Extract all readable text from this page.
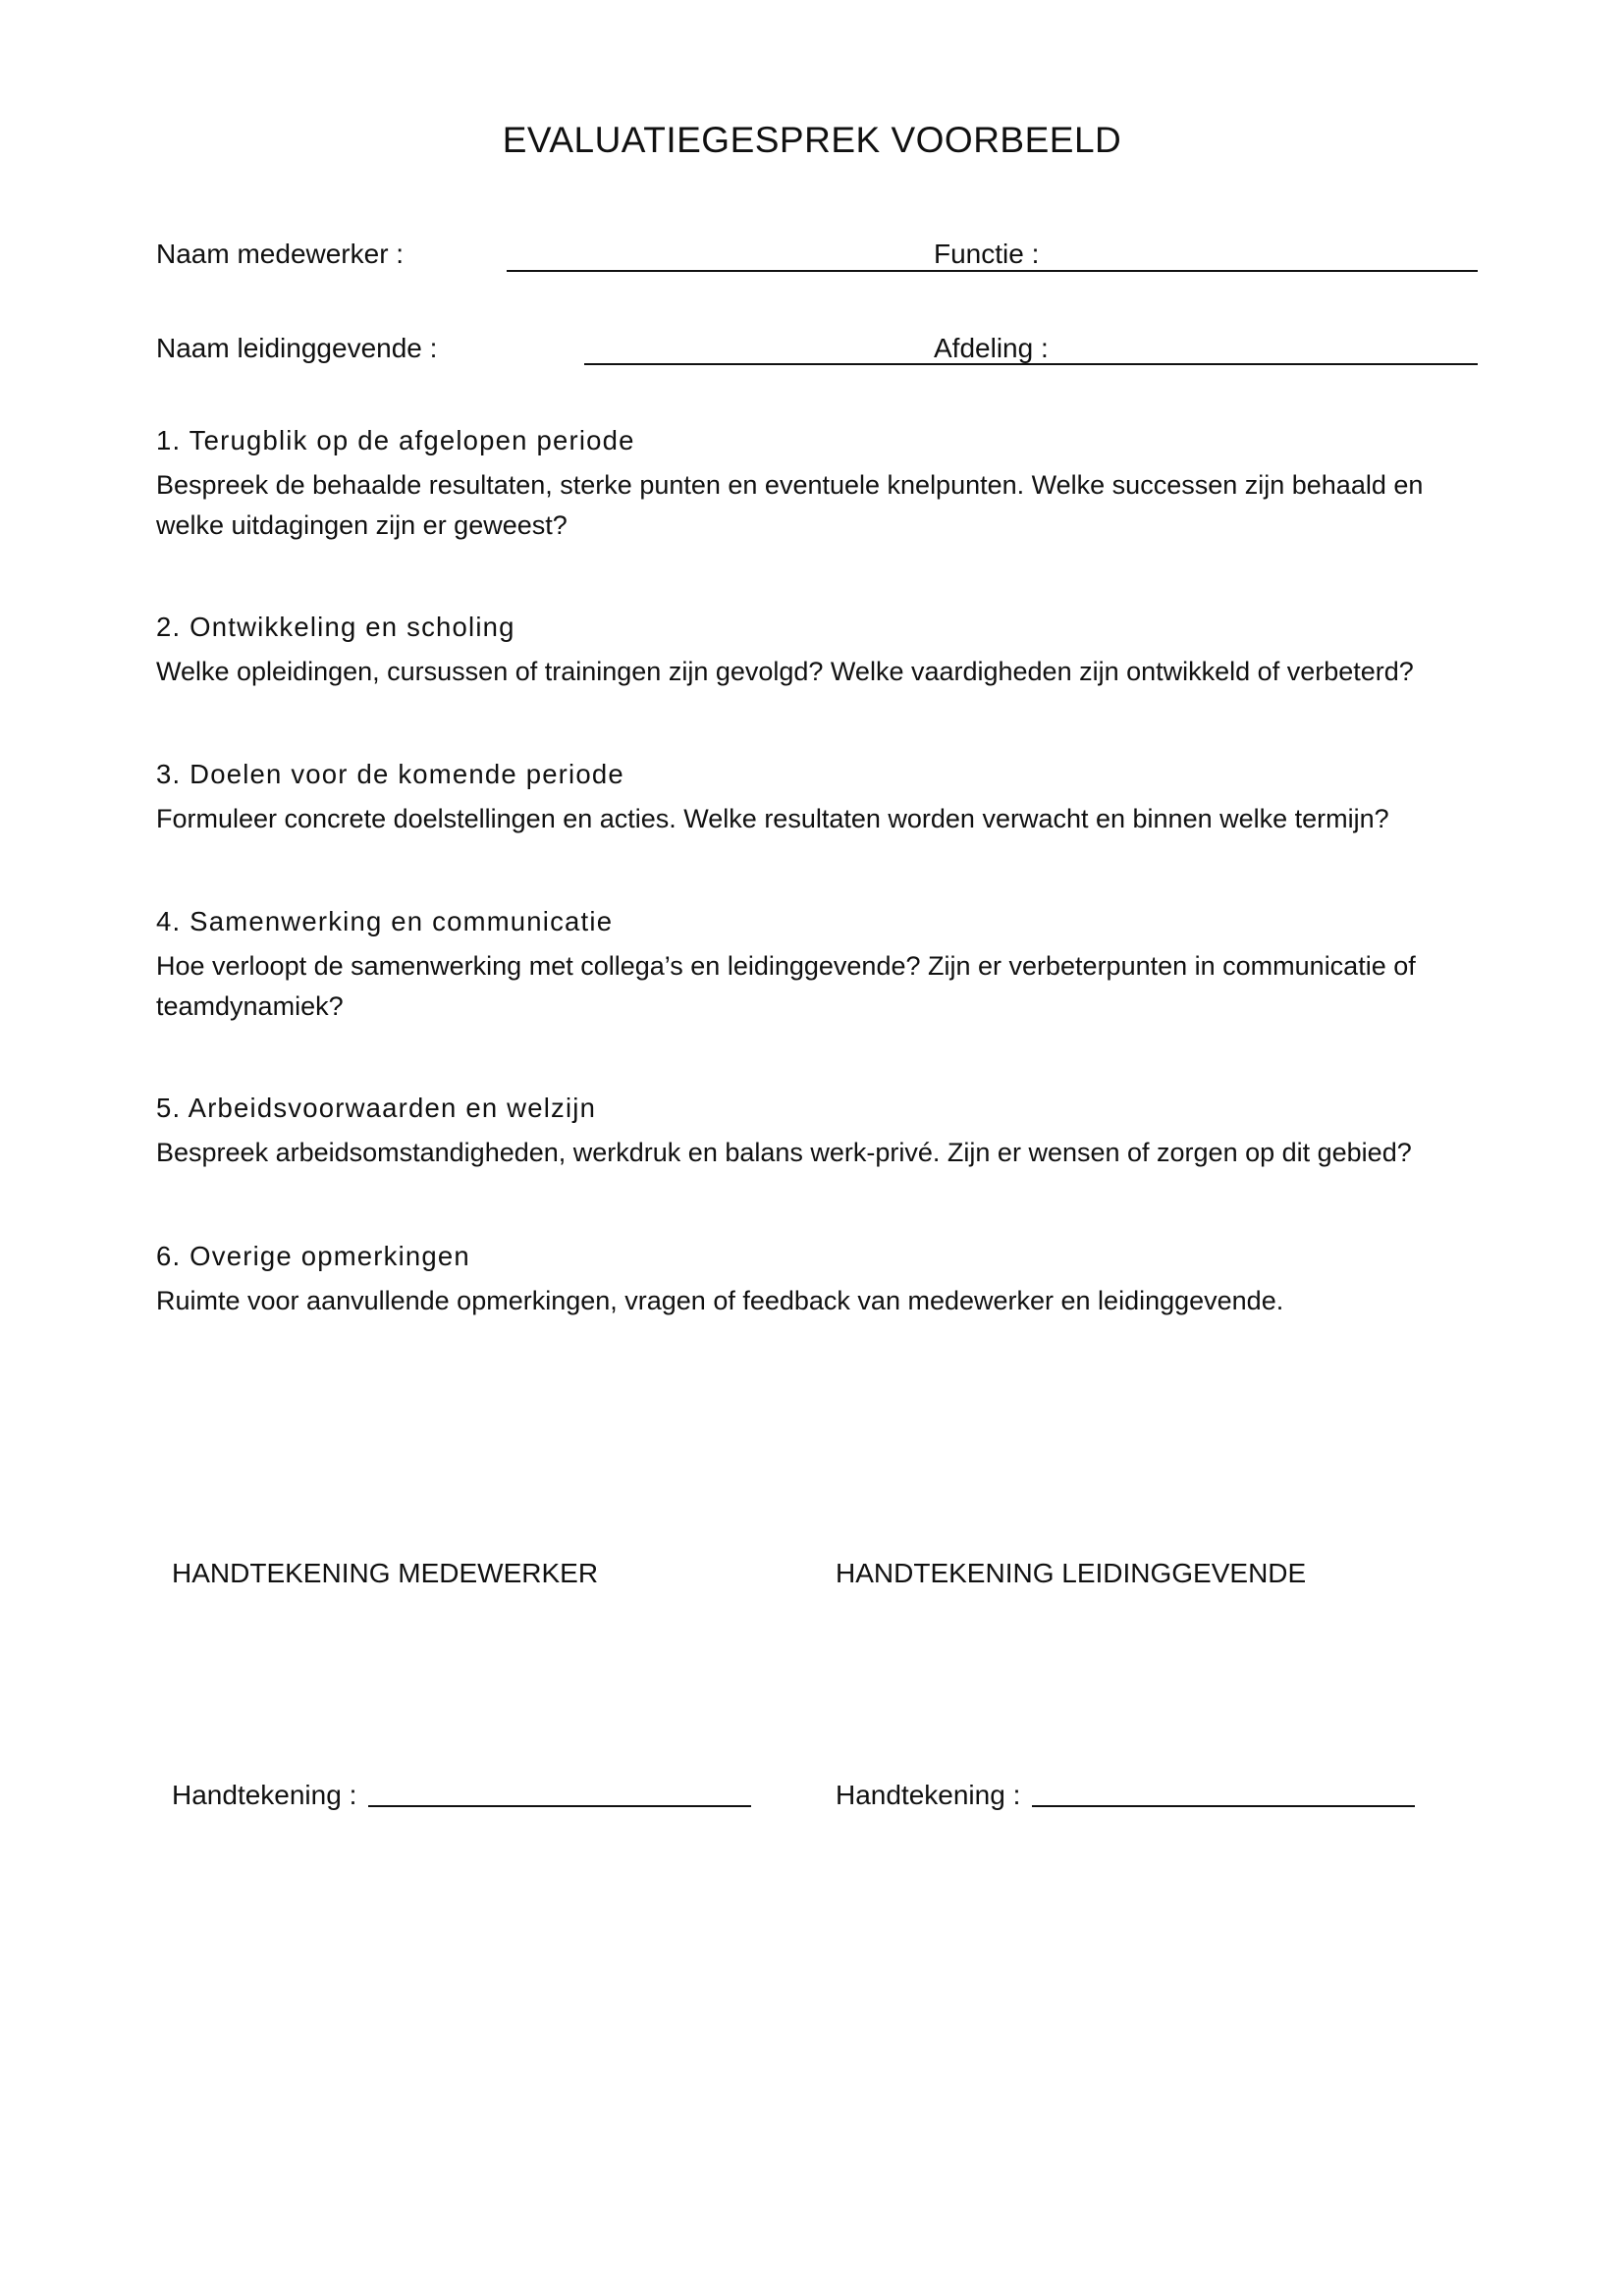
EVALUATIEGESPREK VOORBEELD
Naam medewerker :	Functie :
Naam leidinggevende :	Afdeling :

1. Terugblik op de afgelopen periode

Bespreek de behaalde resultaten, sterke punten en eventuele knelpunten. Welke successen zijn behaald en welke uitdagingen zijn er geweest?

2. Ontwikkeling en scholing

Welke opleidingen, cursussen of trainingen zijn gevolgd? Welke vaardigheden zijn ontwikkeld of verbeterd?

3. Doelen voor de komende periode

Formuleer concrete doelstellingen en acties. Welke resultaten worden verwacht en binnen welke termijn?

4. Samenwerking en communicatie

Hoe verloopt de samenwerking met collega’s en leidinggevende? Zijn er verbeterpunten in communicatie of teamdynamiek?

5. Arbeidsvoorwaarden en welzijn

Bespreek arbeidsomstandigheden, werkdruk en balans werk-privé. Zijn er wensen of zorgen op dit gebied?

6. Overige opmerkingen

Ruimte voor aanvullende opmerkingen, vragen of feedback van medewerker en leidinggevende.

HANDTEKENING MEDEWERKER	HANDTEKENING LEIDINGGEVENDE
Handtekening :	Handtekening :
